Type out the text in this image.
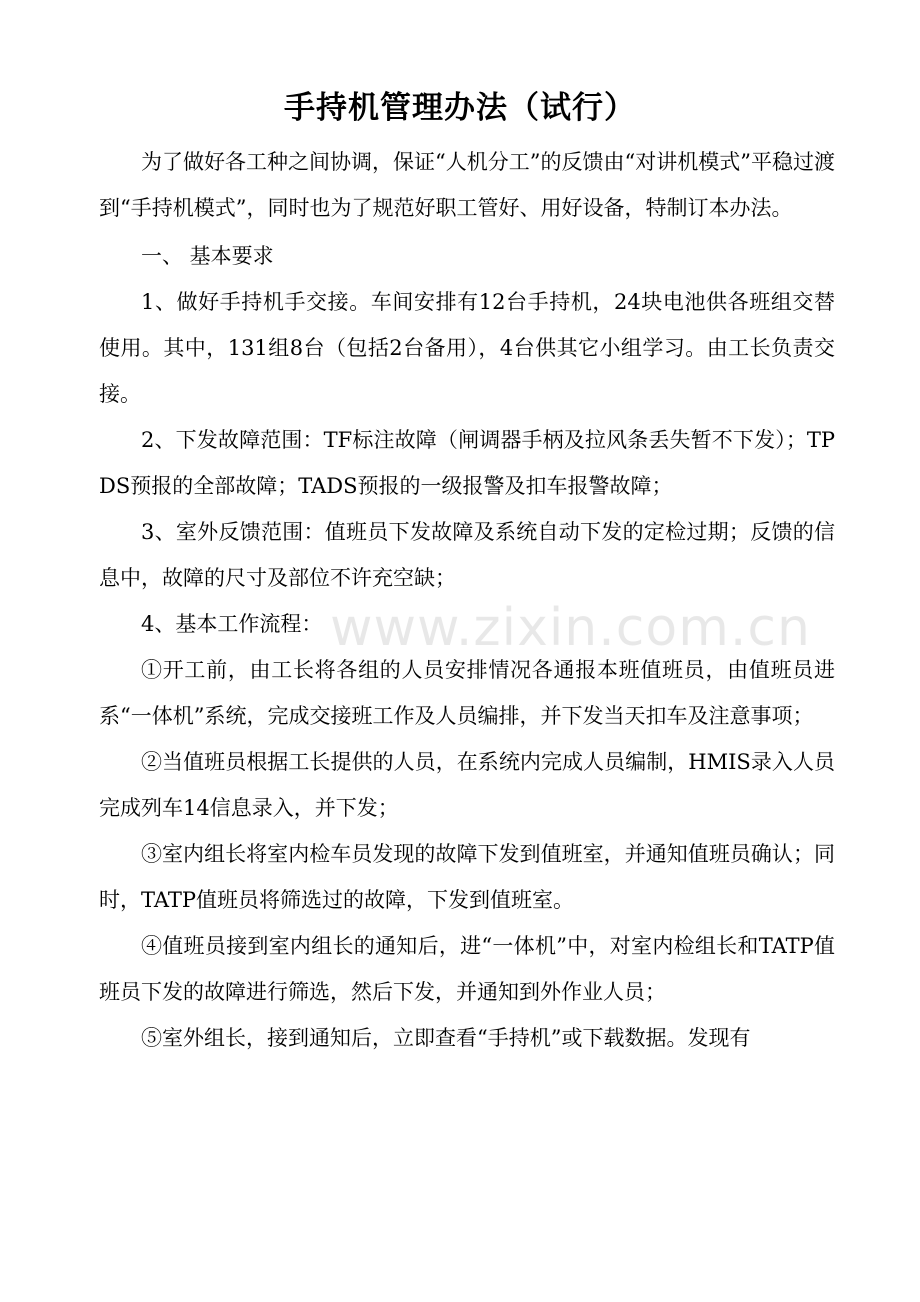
手持机管理办法（试行）

为了做好各工种之间协调，保证“人机分工”的反馈由“对讲机模式”平稳过渡到“手持机模式”，同时也为了规范好职工管好、用好设备，特制订本办法。

一、 基本要求

1、做好手持机手交接。车间安排有12台手持机，24块电池供各班组交替使用。其中，131组8台（包括2台备用），4台供其它小组学习。由工长负责交接。

2、下发故障范围：TF标注故障（闸调器手柄及拉风条丢失暂不下发）；TPDS预报的全部故障；TADS预报的一级报警及扣车报警故障；

3、室外反馈范围：值班员下发故障及系统自动下发的定检过期；反馈的信息中，故障的尺寸及部位不许充空缺；

4、基本工作流程：

①开工前，由工长将各组的人员安排情况各通报本班值班员，由值班员进系“一体机”系统，完成交接班工作及人员编排，并下发当天扣车及注意事项；

②当值班员根据工长提供的人员，在系统内完成人员编制，HMIS录入人员完成列车14信息录入，并下发；

③室内组长将室内检车员发现的故障下发到值班室，并通知值班员确认；同时，TATP值班员将筛选过的故障，下发到值班室。

④值班员接到室内组长的通知后，进“一体机”中，对室内检组长和TATP值班员下发的故障进行筛选，然后下发，并通知到外作业人员；

⑤室外组长，接到通知后，立即查看“手持机”或下载数据。发现有

www.zixin.com.cn
